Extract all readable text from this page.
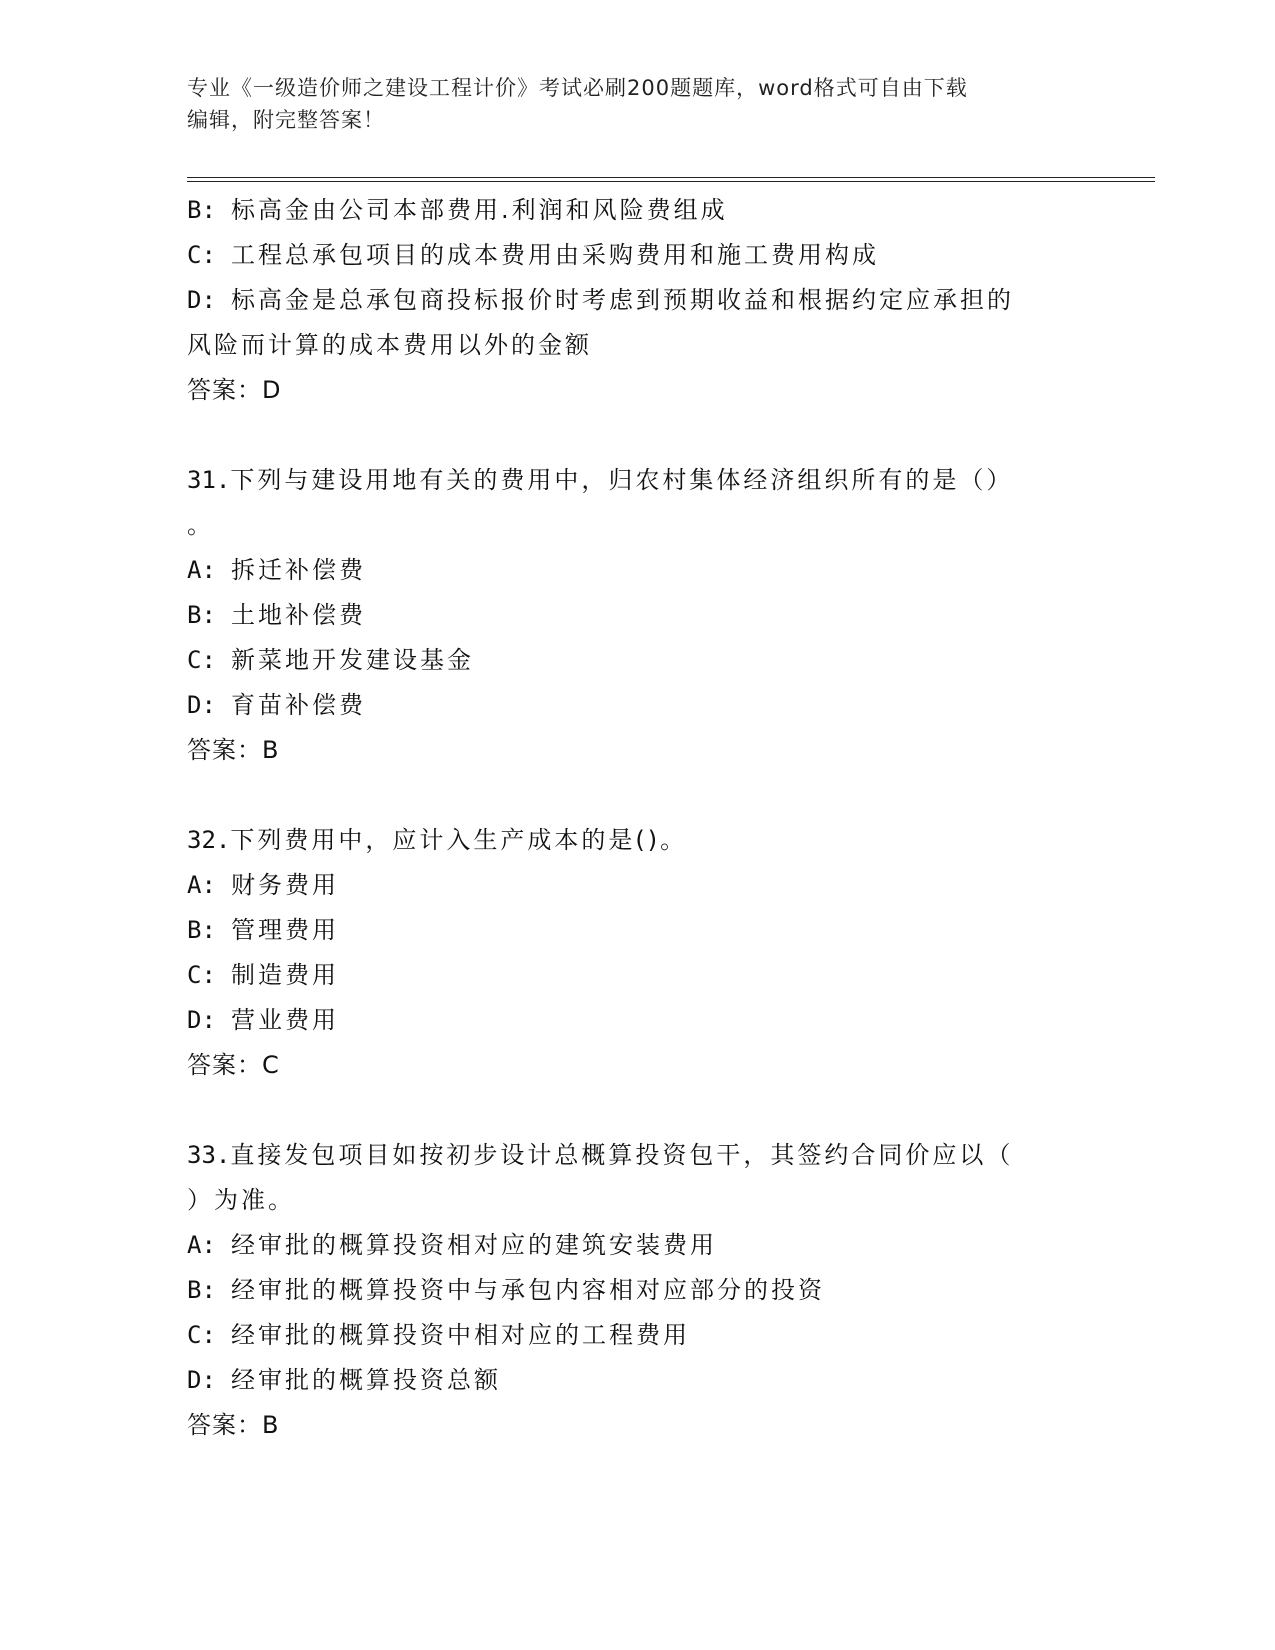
专业《一级造价师之建设工程计价》考试必刷200题题库，word格式可自由下载
编辑，附完整答案！
B: 标高金由公司本部费用.利润和风险费组成
C: 工程总承包项目的成本费用由采购费用和施工费用构成
D: 标高金是总承包商投标报价时考虑到预期收益和根据约定应承担的
风险而计算的成本费用以外的金额
答案：D
31.下列与建设用地有关的费用中，归农村集体经济组织所有的是（）
。
A: 拆迁补偿费
B: 土地补偿费
C: 新菜地开发建设基金
D: 育苗补偿费
答案：B
32.下列费用中，应计入生产成本的是()。
A: 财务费用
B: 管理费用
C: 制造费用
D: 营业费用
答案：C
33.直接发包项目如按初步设计总概算投资包干，其签约合同价应以（
）为准。
A: 经审批的概算投资相对应的建筑安装费用
B: 经审批的概算投资中与承包内容相对应部分的投资
C: 经审批的概算投资中相对应的工程费用
D: 经审批的概算投资总额
答案：B
